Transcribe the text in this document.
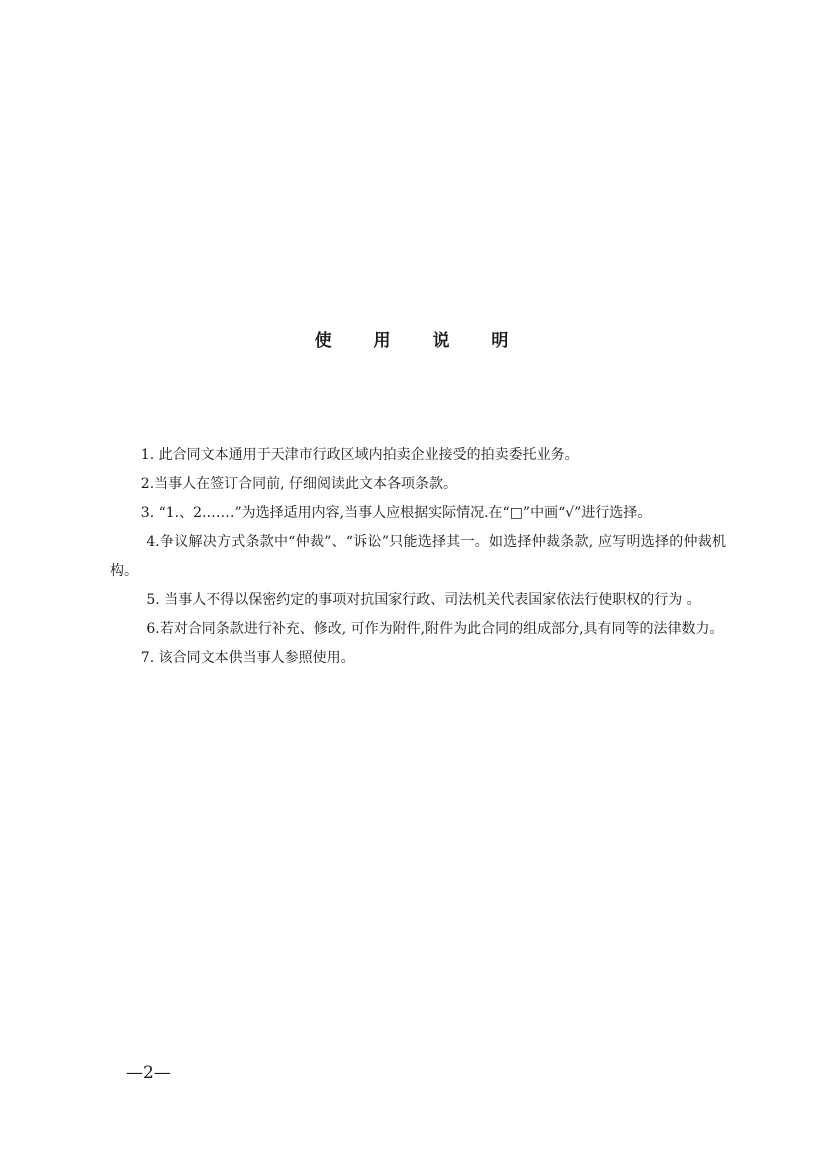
使 用 说 明

1. 此合同文本通用于天津市行政区域内拍卖企业接受的拍卖委托业务。

2.当事人在签订合同前, 仔细阅读此文本各项条款。

3. “1.、2.……”为选择适用内容,当事人应根据实际情况.在“□”中画“√”进行选择。

4.争议解决方式条款中“仲裁”、“诉讼”只能选择其一。如选择仲裁条款, 应写明选择的仲裁机构。

5. 当事人不得以保密约定的事项对抗国家行政、司法机关代表国家依法行使职权的行为 。

6.若对合同条款进行补充、修改, 可作为附件,附件为此合同的组成部分,具有同等的法律数力。

7. 该合同文本供当事人参照使用。

—2—
